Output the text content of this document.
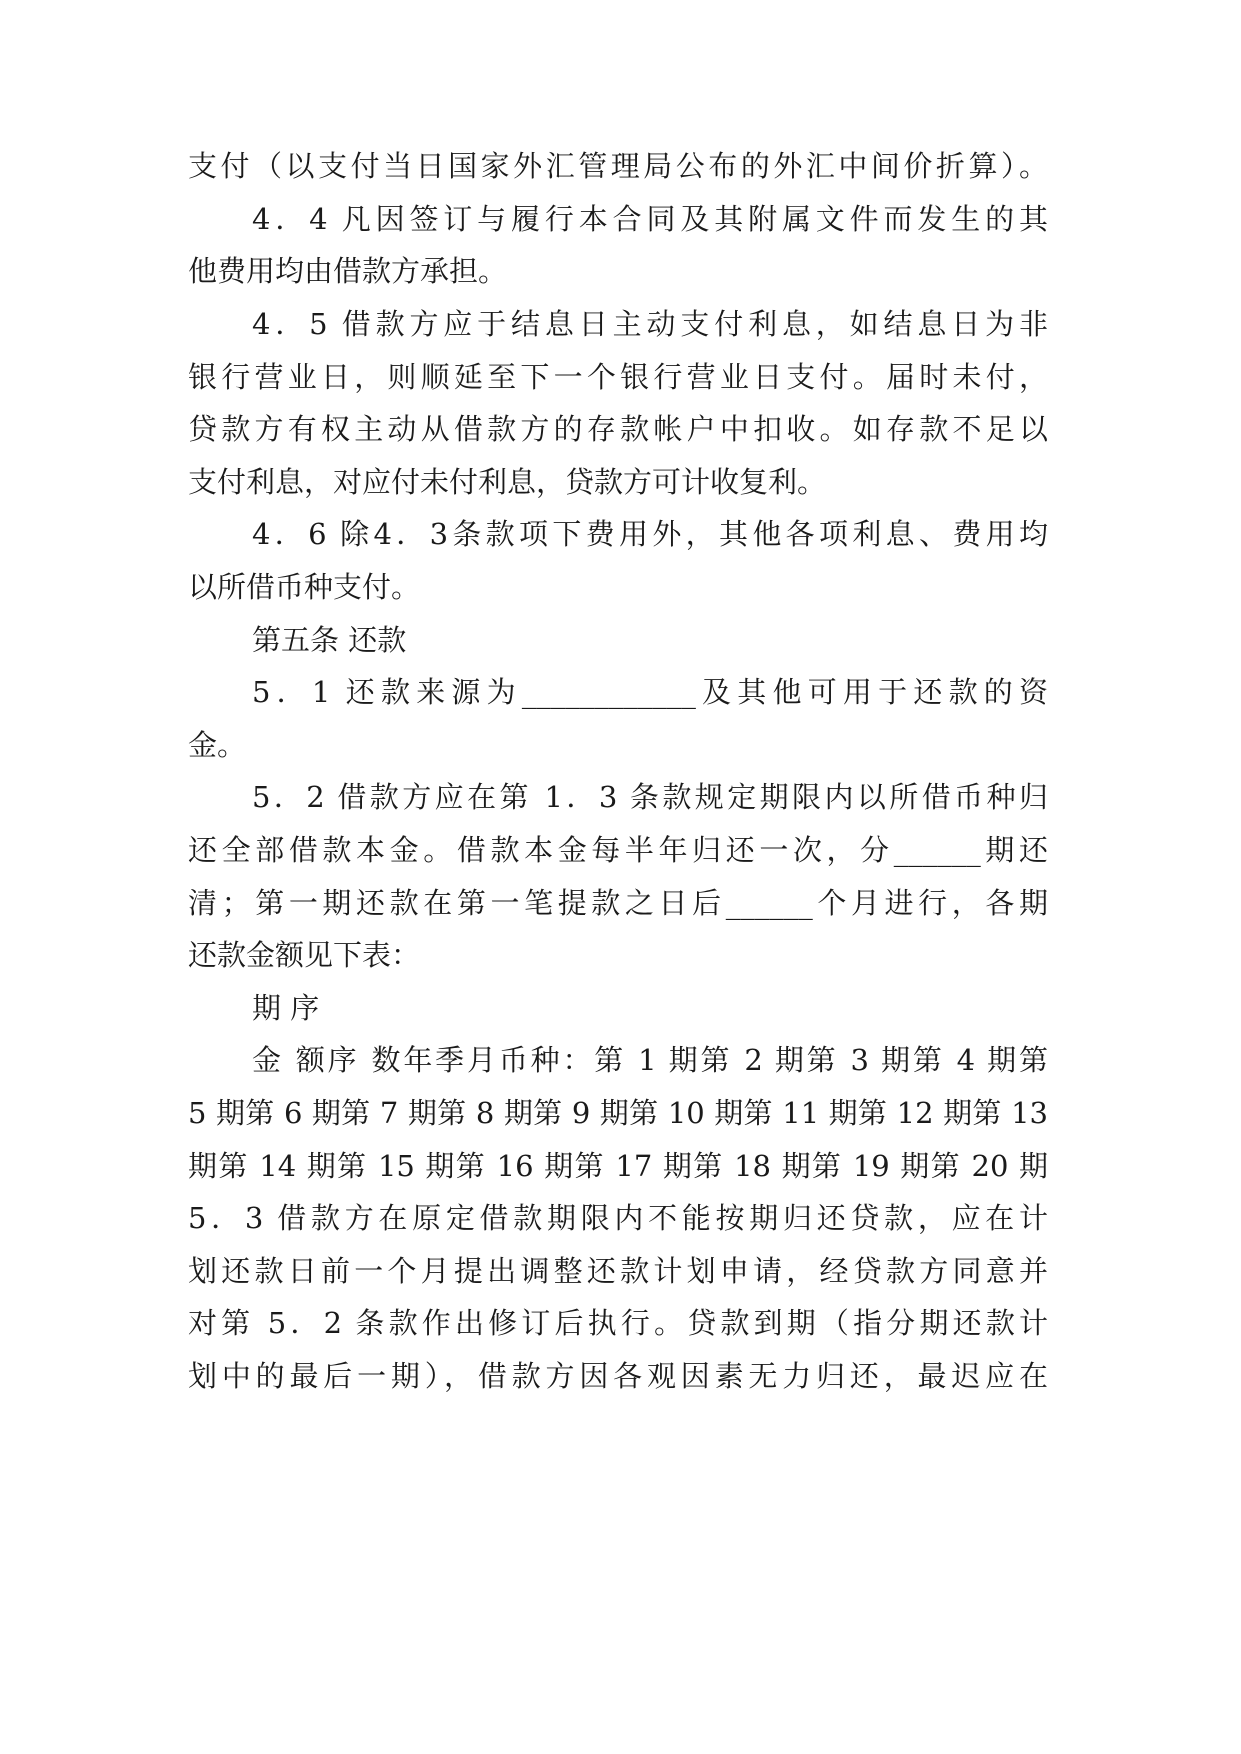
支付（以支付当日国家外汇管理局公布的外汇中间价折算）。
4．4 凡因签订与履行本合同及其附属文件而发生的其
他费用均由借款方承担。
4．5 借款方应于结息日主动支付利息，如结息日为非
银行营业日，则顺延至下一个银行营业日支付。届时未付，
贷款方有权主动从借款方的存款帐户中扣收。如存款不足以
支付利息，对应付未付利息，贷款方可计收复利。
4．6 除4．3条款项下费用外，其他各项利息、费用均
以所借币种支付。
第五条 还款
5．1 还款来源为____________及其他可用于还款的资
金。
5．2 借款方应在第 1．3 条款规定期限内以所借币种归
还全部借款本金。借款本金每半年归还一次，分______期还
清；第一期还款在第一笔提款之日后______个月进行，各期
还款金额见下表：
期 序
金 额序 数年季月币种：第 1 期第 2 期第 3 期第 4 期第
5 期第 6 期第 7 期第 8 期第 9 期第 10 期第 11 期第 12 期第 13
期第 14 期第 15 期第 16 期第 17 期第 18 期第 19 期第 20 期
5．3 借款方在原定借款期限内不能按期归还贷款，应在计
划还款日前一个月提出调整还款计划申请，经贷款方同意并
对第 5．2 条款作出修订后执行。贷款到期（指分期还款计
划中的最后一期），借款方因各观因素无力归还，最迟应在
